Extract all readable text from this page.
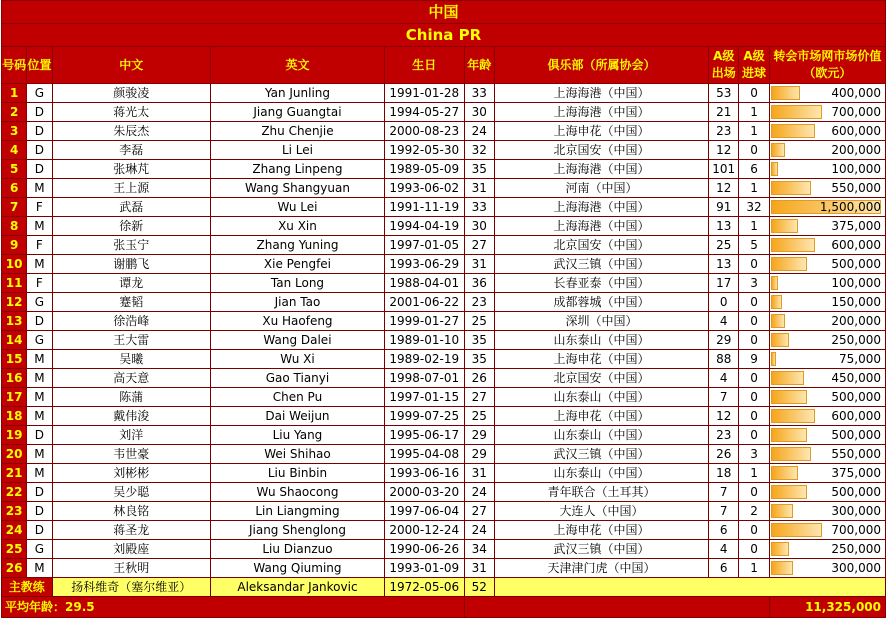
中国									
China PR									
号码	位置	中文	英文	生日	年龄	俱乐部（所属协会）	A级出场	A级进球	转会市场网市场价值（欧元）
1	G	颜骏凌	Yan Junling	1991-01-28	33	上海海港（中国）	53	0	400,000
2	D	蒋光太	Jiang Guangtai	1994-05-27	30	上海海港（中国）	21	1	700,000
3	D	朱辰杰	Zhu Chenjie	2000-08-23	24	上海申花（中国）	23	1	600,000
4	D	李磊	Li Lei	1992-05-30	32	北京国安（中国）	12	0	200,000
5	D	张琳芃	Zhang Linpeng	1989-05-09	35	上海海港（中国）	101	6	100,000
6	M	王上源	Wang Shangyuan	1993-06-02	31	河南（中国）	12	1	550,000
7	F	武磊	Wu Lei	1991-11-19	33	上海海港（中国）	91	32	1,500,000
8	M	徐新	Xu Xin	1994-04-19	30	上海海港（中国）	13	1	375,000
9	F	张玉宁	Zhang Yuning	1997-01-05	27	北京国安（中国）	25	5	600,000
10	M	谢鹏飞	Xie Pengfei	1993-06-29	31	武汉三镇（中国）	13	0	500,000
11	F	谭龙	Tan Long	1988-04-01	36	长春亚泰（中国）	17	3	100,000
12	G	蹇韬	Jian Tao	2001-06-22	23	成都蓉城（中国）	0	0	150,000
13	D	徐浩峰	Xu Haofeng	1999-01-27	25	深圳（中国）	4	0	200,000
14	G	王大雷	Wang Dalei	1989-01-10	35	山东泰山（中国）	29	0	250,000
15	M	吴曦	Wu Xi	1989-02-19	35	上海申花（中国）	88	9	75,000
16	M	高天意	Gao Tianyi	1998-07-01	26	北京国安（中国）	4	0	450,000
17	M	陈蒲	Chen Pu	1997-01-15	27	山东泰山（中国）	7	0	500,000
18	M	戴伟浚	Dai Weijun	1999-07-25	25	上海申花（中国）	12	0	600,000
19	D	刘洋	Liu Yang	1995-06-17	29	山东泰山（中国）	23	0	500,000
20	M	韦世豪	Wei Shihao	1995-04-08	29	武汉三镇（中国）	26	3	550,000
21	M	刘彬彬	Liu Binbin	1993-06-16	31	山东泰山（中国）	18	1	375,000
22	D	吴少聪	Wu Shaocong	2000-03-20	24	青年联合（土耳其）	7	0	500,000
23	D	林良铭	Lin Liangming	1997-06-04	27	大连人（中国）	7	2	300,000
24	D	蒋圣龙	Jiang Shenglong	2000-12-24	24	上海申花（中国）	6	0	700,000
25	G	刘殿座	Liu Dianzuo	1990-06-26	34	武汉三镇（中国）	4	0	250,000
26	M	王秋明	Wang Qiuming	1993-01-09	31	天津津门虎（中国）	6	1	300,000
主教练		扬科维奇（塞尔维亚）	Aleksandar Jankovic	1972-05-06	52				
平均年龄：29.5									11,325,000
